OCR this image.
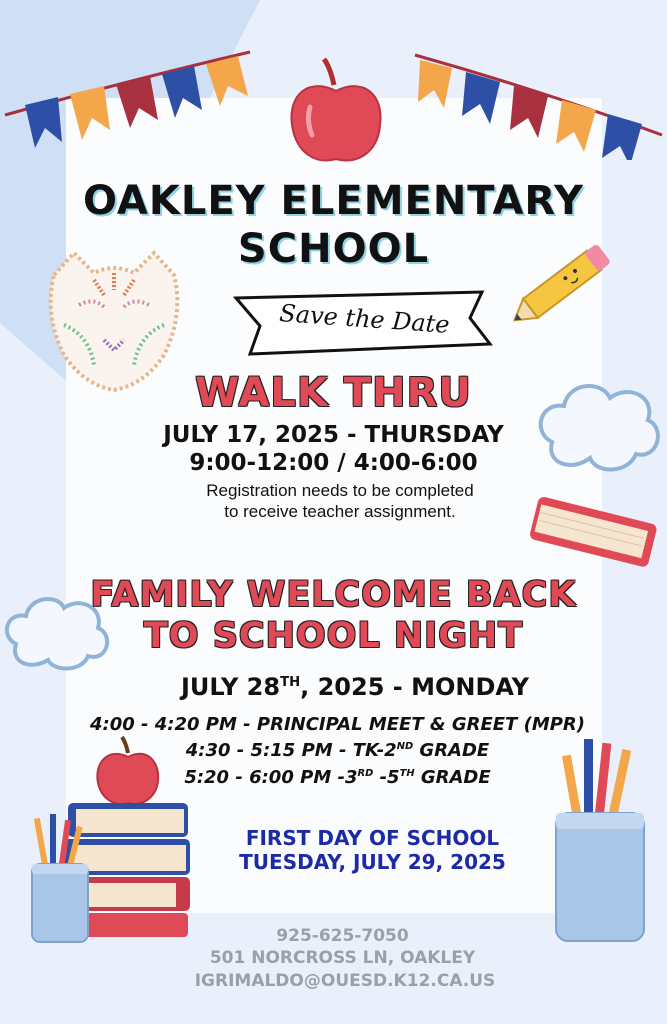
OAKLEY ELEMENTARY
SCHOOL
Save the Date
WALK THRU
JULY 17, 2025 - THURSDAY
9:00-12:00 / 4:00-6:00
Registration needs to be completed
to receive teacher assignment.
FAMILY WELCOME BACK
TO SCHOOL NIGHT
JULY 28TH, 2025 - MONDAY
4:00 - 4:20 PM - PRINCIPAL MEET & GREET (MPR)
4:30 - 5:15 PM - TK-2ND GRADE
5:20 - 6:00 PM -3RD -5TH GRADE
FIRST DAY OF SCHOOL
TUESDAY, JULY 29, 2025
925-625-7050
501 NORCROSS LN, OAKLEY
IGRIMALDO@OUESD.K12.CA.US
